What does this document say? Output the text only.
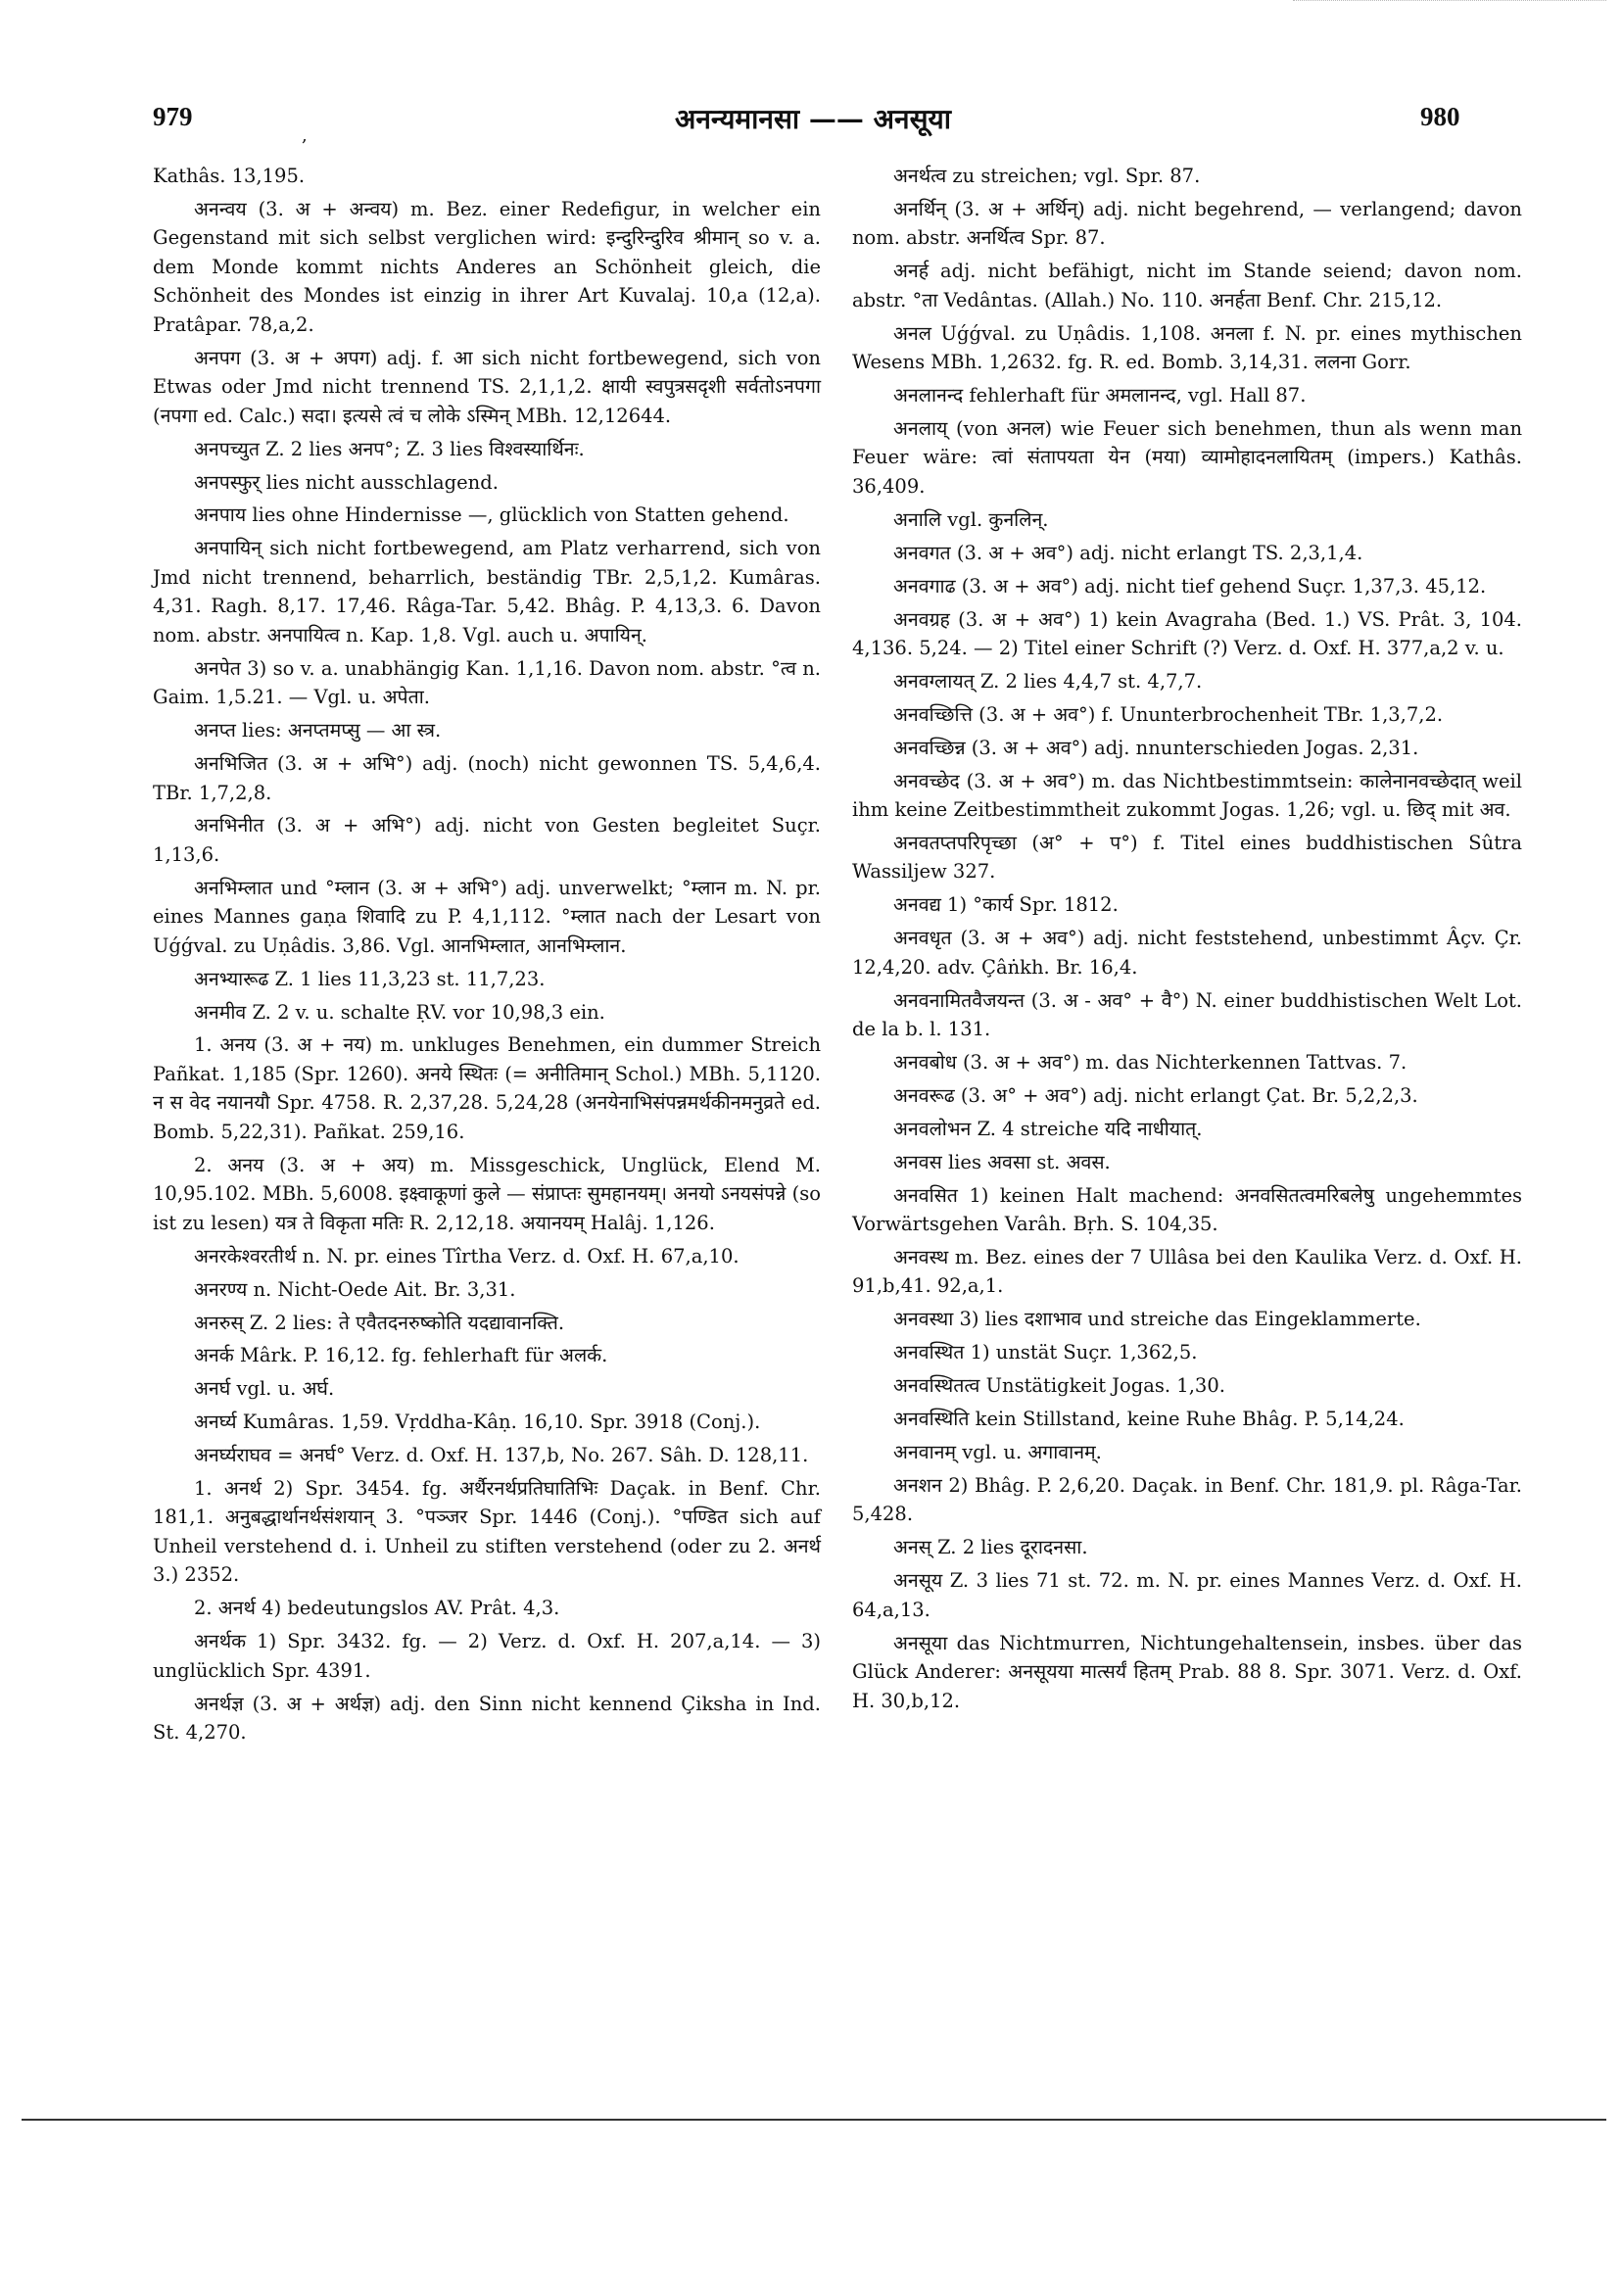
979
,
अनन्यमानसा —— अनसूया	980

Kathâs. 13,195.

अनन्वय (3. अ + अन्वय) m. Bez. einer Redefigur, in welcher ein Gegenstand mit sich selbst verglichen wird: इन्दुरिन्दुरिव श्रीमान् so v. a. dem Monde kommt nichts Anderes an Schönheit gleich, die Schönheit des Mondes ist einzig in ihrer Art Kuvalaj. 10,a (12,a). Pratâpar. 78,a,2.

अनपग (3. अ + अपग) adj. f. आ sich nicht fortbewegend, sich von Etwas oder Jmd nicht trennend TS. 2,1,1,2. क्षायी स्वपुत्रसदृशी सर्वतोऽनपगा (नपगा ed. Calc.) सदा। इत्यसे त्वं च लोके ऽस्मिन् MBh. 12,12644.

अनपच्युत Z. 2 lies अनप°; Z. 3 lies विश्वस्यार्थिनः.

अनपस्फुर् lies nicht ausschlagend.

अनपाय lies ohne Hindernisse —, glücklich von Statten gehend.

अनपायिन् sich nicht fortbewegend, am Platz verharrend, sich von Jmd nicht trennend, beharrlich, beständig TBr. 2,5,1,2. Kumâras. 4,31. Ragh. 8,17. 17,46. Râga-Tar. 5,42. Bhâg. P. 4,13,3. 6. Davon nom. abstr. अनपायित्व n. Kap. 1,8. Vgl. auch u. अपायिन्.

अनपेत 3) so v. a. unabhängig Kan. 1,1,16. Davon nom. abstr. °त्व n. Gaim. 1,5.21. — Vgl. u. अपेता.

अनप्त lies: अनप्तमप्सु — आ स्त्र.

अनभिजित (3. अ + अभि°) adj. (noch) nicht gewonnen TS. 5,4,6,4. TBr. 1,7,2,8.

अनभिनीत (3. अ + अभि°) adj. nicht von Gesten begleitet Suçr. 1,13,6.

अनभिम्लात und °म्लान (3. अ + अभि°) adj. unverwelkt; °म्लान m. N. pr. eines Mannes gaṇa शिवादि zu P. 4,1,112. °म्लात nach der Lesart von Uǵǵval. zu Uṇâdis. 3,86. Vgl. आनभिम्लात, आनभिम्लान.

अनभ्यारूढ Z. 1 lies 11,3,23 st. 11,7,23.

अनमीव Z. 2 v. u. schalte ṚV. vor 10,98,3 ein.

1. अनय (3. अ + नय) m. unkluges Benehmen, ein dummer Streich Pañkat. 1,185 (Spr. 1260). अनये स्थितः (= अनीतिमान् Schol.) MBh. 5,1120. न स वेद नयानयौ Spr. 4758. R. 2,37,28. 5,24,28 (अनयेनाभिसंपन्नमर्थकीनमनुव्रते ed. Bomb. 5,22,31). Pañkat. 259,16.

2. अनय (3. अ + अय) m. Missgeschick, Unglück, Elend M. 10,95.102. MBh. 5,6008. इक्ष्वाकूणां कुले — संप्राप्तः सुमहानयम्। अनयो ऽनयसंपन्ने (so ist zu lesen) यत्र ते विकृता मतिः R. 2,12,18. अयानयम् Halâj. 1,126.

अनरकेश्वरतीर्थ n. N. pr. eines Tîrtha Verz. d. Oxf. H. 67,a,10.

अनरण्य n. Nicht-Oede Ait. Br. 3,31.

अनरुस् Z. 2 lies: ते एवैतदनरुष्कोति यदद्यावानक्ति.

अनर्क Mârk. P. 16,12. fg. fehlerhaft für अलर्क.

अनर्घ vgl. u. अर्घ.

अनर्घ्य Kumâras. 1,59. Vṛddha-Kâṇ. 16,10. Spr. 3918 (Conj.).

अनर्घ्यराघव = अनर्घ° Verz. d. Oxf. H. 137,b, No. 267. Sâh. D. 128,11.

1. अनर्थ 2) Spr. 3454. fg. अर्थैरनर्थप्रतिघातिभिः Daçak. in Benf. Chr. 181,1. अनुबद्धार्थानर्थसंशयान् 3. °पञ्जर Spr. 1446 (Conj.). °पण्डित sich auf Unheil verstehend d. i. Unheil zu stiften verstehend (oder zu 2. अनर्थ 3.) 2352.

2. अनर्थ 4) bedeutungslos AV. Prât. 4,3.

अनर्थक 1) Spr. 3432. fg. — 2) Verz. d. Oxf. H. 207,a,14. — 3) unglücklich Spr. 4391.

अनर्थज्ञ (3. अ + अर्थज्ञ) adj. den Sinn nicht kennend Çiksha in Ind. St. 4,270.

अनर्थत्व zu streichen; vgl. Spr. 87.

अनर्थिन् (3. अ + अर्थिन्) adj. nicht begehrend, — verlangend; davon nom. abstr. अनर्थित्व Spr. 87.

अनर्ह adj. nicht befähigt, nicht im Stande seiend; davon nom. abstr. °ता Vedântas. (Allah.) No. 110. अनर्हता Benf. Chr. 215,12.

अनल Uǵǵval. zu Uṇâdis. 1,108. अनला f. N. pr. eines mythischen Wesens MBh. 1,2632. fg. R. ed. Bomb. 3,14,31. ललना Gorr.

अनलानन्द fehlerhaft für अमलानन्द, vgl. Hall 87.

अनलाय् (von अनल) wie Feuer sich benehmen, thun als wenn man Feuer wäre: त्वां संतापयता येन (मया) व्यामोहादनलायितम् (impers.) Kathâs. 36,409.

अनालि vgl. कुनलिन्.

अनवगत (3. अ + अव°) adj. nicht erlangt TS. 2,3,1,4.

अनवगाढ (3. अ + अव°) adj. nicht tief gehend Suçr. 1,37,3. 45,12.

अनवग्रह (3. अ + अव°) 1) kein Avagraha (Bed. 1.) VS. Prât. 3, 104. 4,136. 5,24. — 2) Titel einer Schrift (?) Verz. d. Oxf. H. 377,a,2 v. u.

अनवग्लायत् Z. 2 lies 4,4,7 st. 4,7,7.

अनवच्छित्ति (3. अ + अव°) f. Ununterbrochenheit TBr. 1,3,7,2.

अनवच्छिन्न (3. अ + अव°) adj. nnunterschieden Jogas. 2,31.

अनवच्छेद (3. अ + अव°) m. das Nichtbestimmtsein: कालेनानवच्छेदात् weil ihm keine Zeitbestimmtheit zukommt Jogas. 1,26; vgl. u. छिद् mit अव.

अनवतप्तपरिपृच्छा (अ° + प°) f. Titel eines buddhistischen Sûtra Wassiljew 327.

अनवद्य 1) °कार्य Spr. 1812.

अनवधृत (3. अ + अव°) adj. nicht feststehend, unbestimmt Âçv. Çr. 12,4,20. adv. Çâṅkh. Br. 16,4.

अनवनामितवैजयन्त (3. अ - अव° + वै°) N. einer buddhistischen Welt Lot. de la b. l. 131.

अनवबोध (3. अ + अव°) m. das Nichterkennen Tattvas. 7.

अनवरूढ (3. अ° + अव°) adj. nicht erlangt Çat. Br. 5,2,2,3.

अनवलोभन Z. 4 streiche यदि नाधीयात्.

अनवस lies अवसा st. अवस.

अनवसित 1) keinen Halt machend: अनवसितत्वमरिबलेषु ungehemmtes Vorwärtsgehen Varâh. Bṛh. S. 104,35.

अनवस्थ m. Bez. eines der 7 Ullâsa bei den Kaulika Verz. d. Oxf. H. 91,b,41. 92,a,1.

अनवस्था 3) lies दशाभाव und streiche das Eingeklammerte.

अनवस्थित 1) unstät Suçr. 1,362,5.

अनवस्थितत्व Unstätigkeit Jogas. 1,30.

अनवस्थिति kein Stillstand, keine Ruhe Bhâg. P. 5,14,24.

अनवानम् vgl. u. अगावानम्.

अनशन 2) Bhâg. P. 2,6,20. Daçak. in Benf. Chr. 181,9. pl. Râga-Tar. 5,428.

अनस् Z. 2 lies दूरादनसा.

अनसूय Z. 3 lies 71 st. 72. m. N. pr. eines Mannes Verz. d. Oxf. H. 64,a,13.

अनसूया das Nichtmurren, Nichtungehaltensein, insbes. über das Glück Anderer: अनसूयया मात्सर्यं हितम् Prab. 88 8. Spr. 3071. Verz. d. Oxf. H. 30,b,12.
